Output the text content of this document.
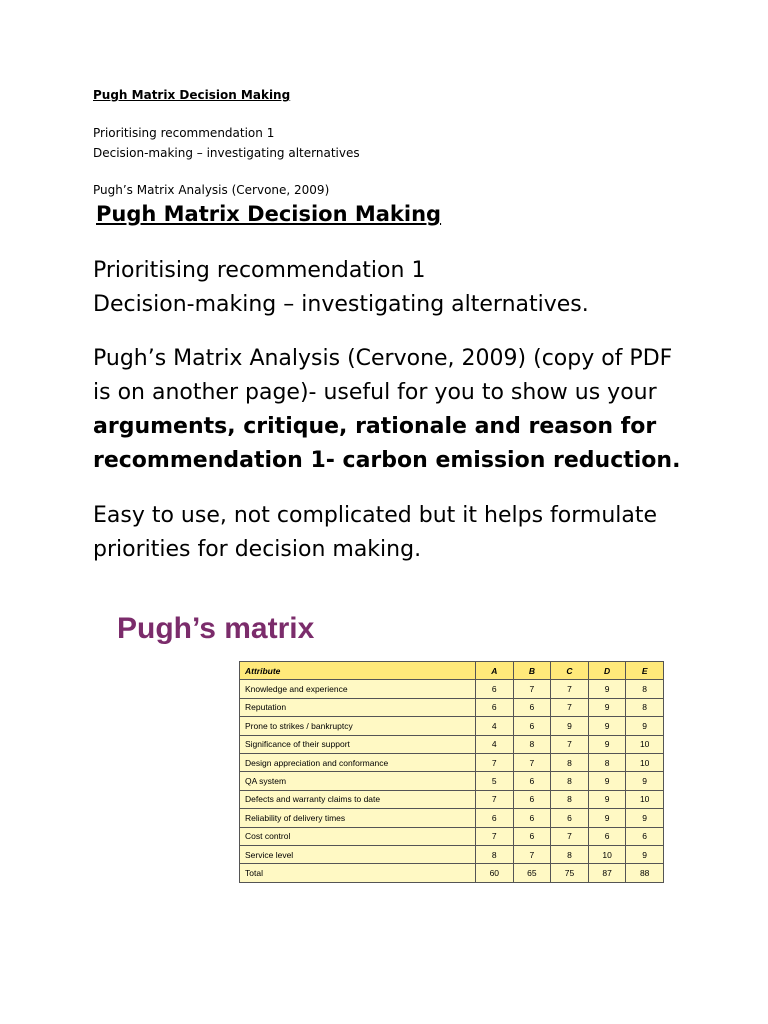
Pugh Matrix Decision Making
Prioritising recommendation 1
Decision-making – investigating alternatives
Pugh’s Matrix Analysis (Cervone, 2009)
Pugh Matrix Decision Making
Prioritising recommendation 1
Decision-making – investigating alternatives.
Pugh’s Matrix Analysis (Cervone, 2009) (copy of PDF is on another page)- useful for you to show us your arguments, critique, rationale and reason for recommendation 1- carbon emission reduction.
Easy to use, not complicated but it helps formulate priorities for decision making.
Pugh’s matrix
Attribute	A	B	C	D	E
Knowledge and experience	6	7	7	9	8
Reputation	6	6	7	9	8
Prone to strikes / bankruptcy	4	6	9	9	9
Significance of their support	4	8	7	9	10
Design appreciation and conformance	7	7	8	8	10
QA system	5	6	8	9	9
Defects and warranty claims to date	7	6	8	9	10
Reliability of delivery times	6	6	6	9	9
Cost control	7	6	7	6	6
Service level	8	7	8	10	9
Total	60	65	75	87	88
